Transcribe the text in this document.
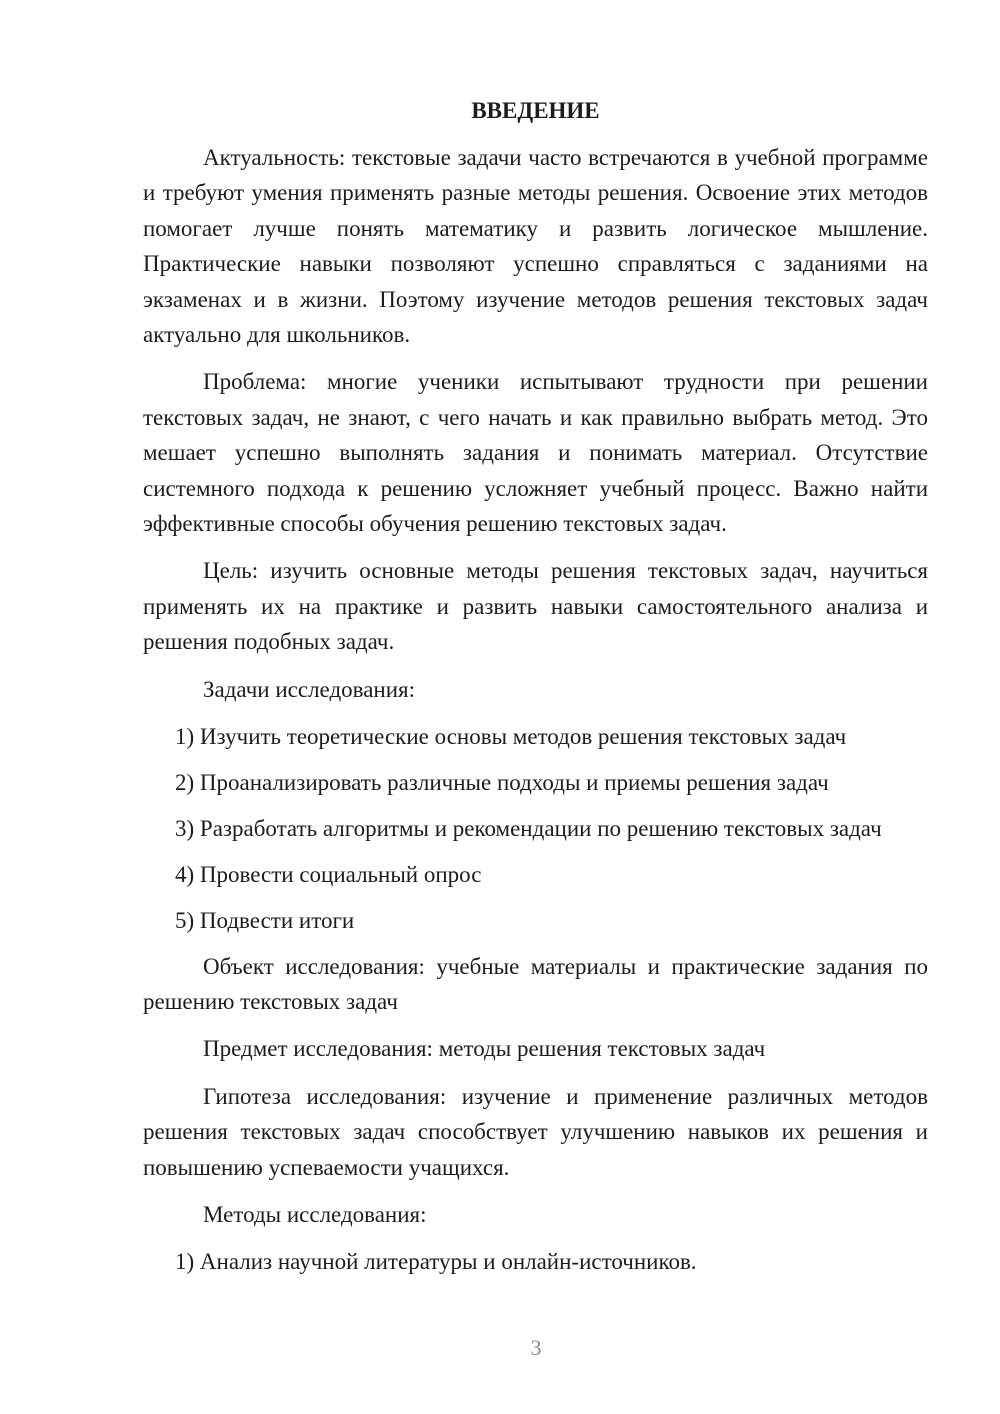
ВВЕДЕНИЕ

Актуальность: текстовые задачи часто встречаются в учебной программе и требуют умения применять разные методы решения. Освоение этих методов помогает лучше понять математику и развить логическое мышление. Практические навыки позволяют успешно справляться с заданиями на экзаменах и в жизни. Поэтому изучение методов решения текстовых задач актуально для школьников.

Проблема: многие ученики испытывают трудности при решении текстовых задач, не знают, с чего начать и как правильно выбрать метод. Это мешает успешно выполнять задания и понимать материал. Отсутствие системного подхода к решению усложняет учебный процесс. Важно найти эффективные способы обучения решению текстовых задач.

Цель: изучить основные методы решения текстовых задач, научиться применять их на практике и развить навыки самостоятельного анализа и решения подобных задач.

Задачи исследования:

1) Изучить теоретические основы методов решения текстовых задач

2) Проанализировать различные подходы и приемы решения задач

3) Разработать алгоритмы и рекомендации по решению текстовых задач

4) Провести социальный опрос

5) Подвести итоги

Объект исследования: учебные материалы и практические задания по решению текстовых задач

Предмет исследования: методы решения текстовых задач

Гипотеза исследования: изучение и применение различных методов решения текстовых задач способствует улучшению навыков их решения и повышению успеваемости учащихся.

Методы исследования:

1) Анализ научной литературы и онлайн-источников.

3
